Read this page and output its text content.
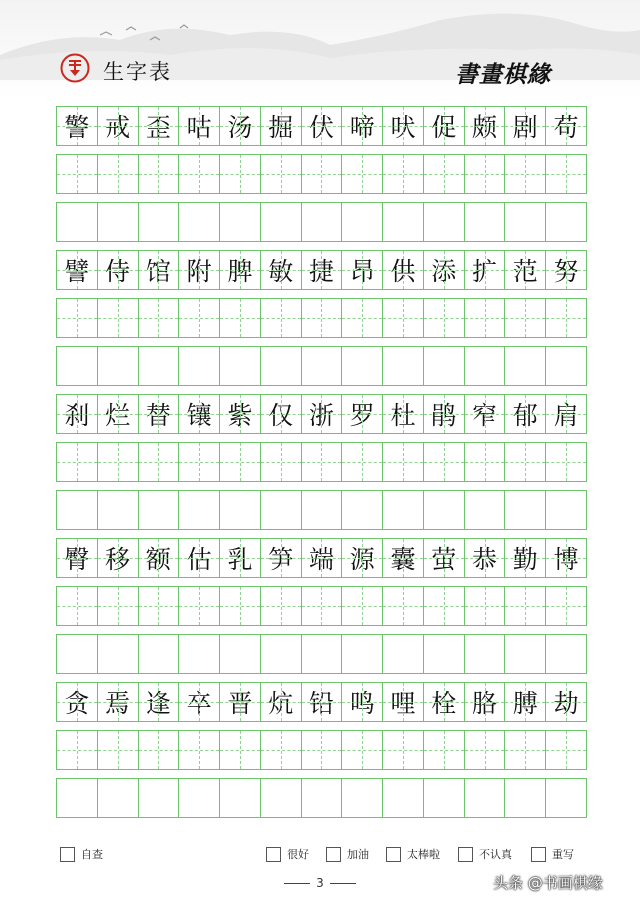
生字表	書畫棋緣
警 戒 歪 咕 汤 掘 伏 啼 吠 促 颇 剧 苟
譬 侍 馆 附 脾 敏 捷 昂 供 添 扩 范 努
刹 烂 替 镶 紫 仅 浙 罗 杜 鹃 窄 郁 肩
臀 移 额 估 乳 笋 端 源 囊 萤 恭 勤 博
贪 焉 逢 卒 晋 炕 铅 鸣 哩 栓 胳 膊 劫
自查	很好	加油	太棒啦	不认真	重写
3	头条 @书画棋缘
